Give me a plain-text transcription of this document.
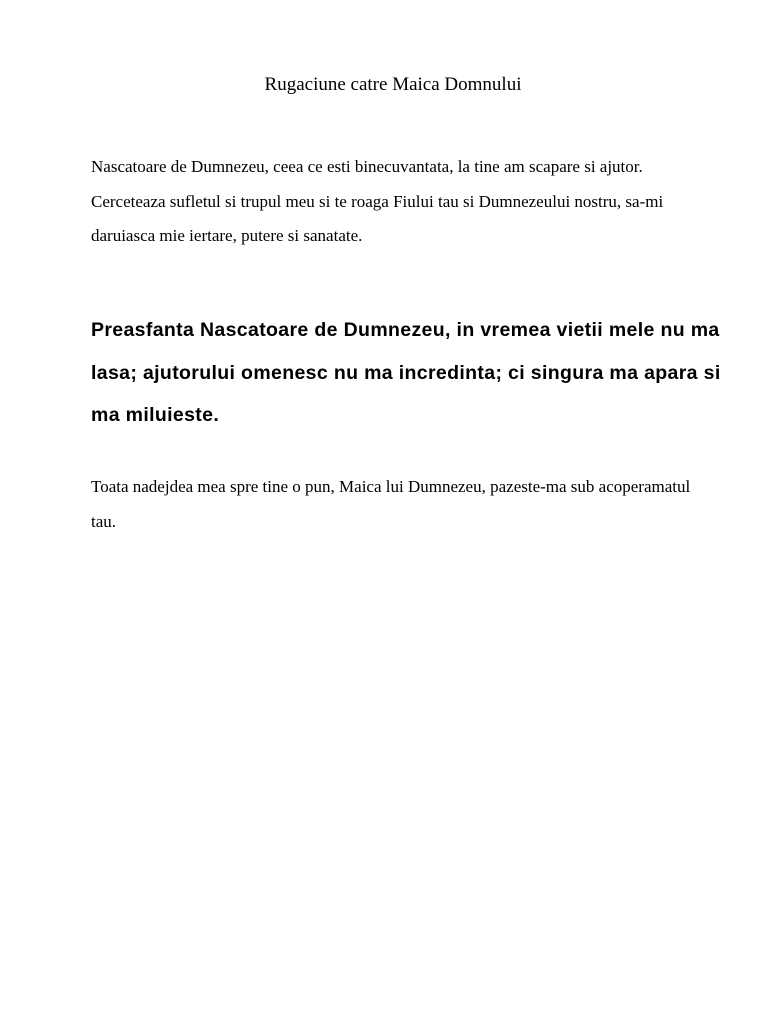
Rugaciune catre Maica Domnului

Nascatoare de Dumnezeu, ceea ce esti binecuvantata, la tine am scapare si ajutor. Cerceteaza sufletul si trupul meu si te roaga Fiului tau si Dumnezeului nostru, sa-mi daruiasca mie iertare, putere si sanatate.

Preasfanta Nascatoare de Dumnezeu, in vremea vietii mele nu ma lasa; ajutorului omenesc nu ma incredinta; ci singura ma apara si ma miluieste.

Toata nadejdea mea spre tine o pun, Maica lui Dumnezeu, pazeste-ma sub acoperamatul tau.
